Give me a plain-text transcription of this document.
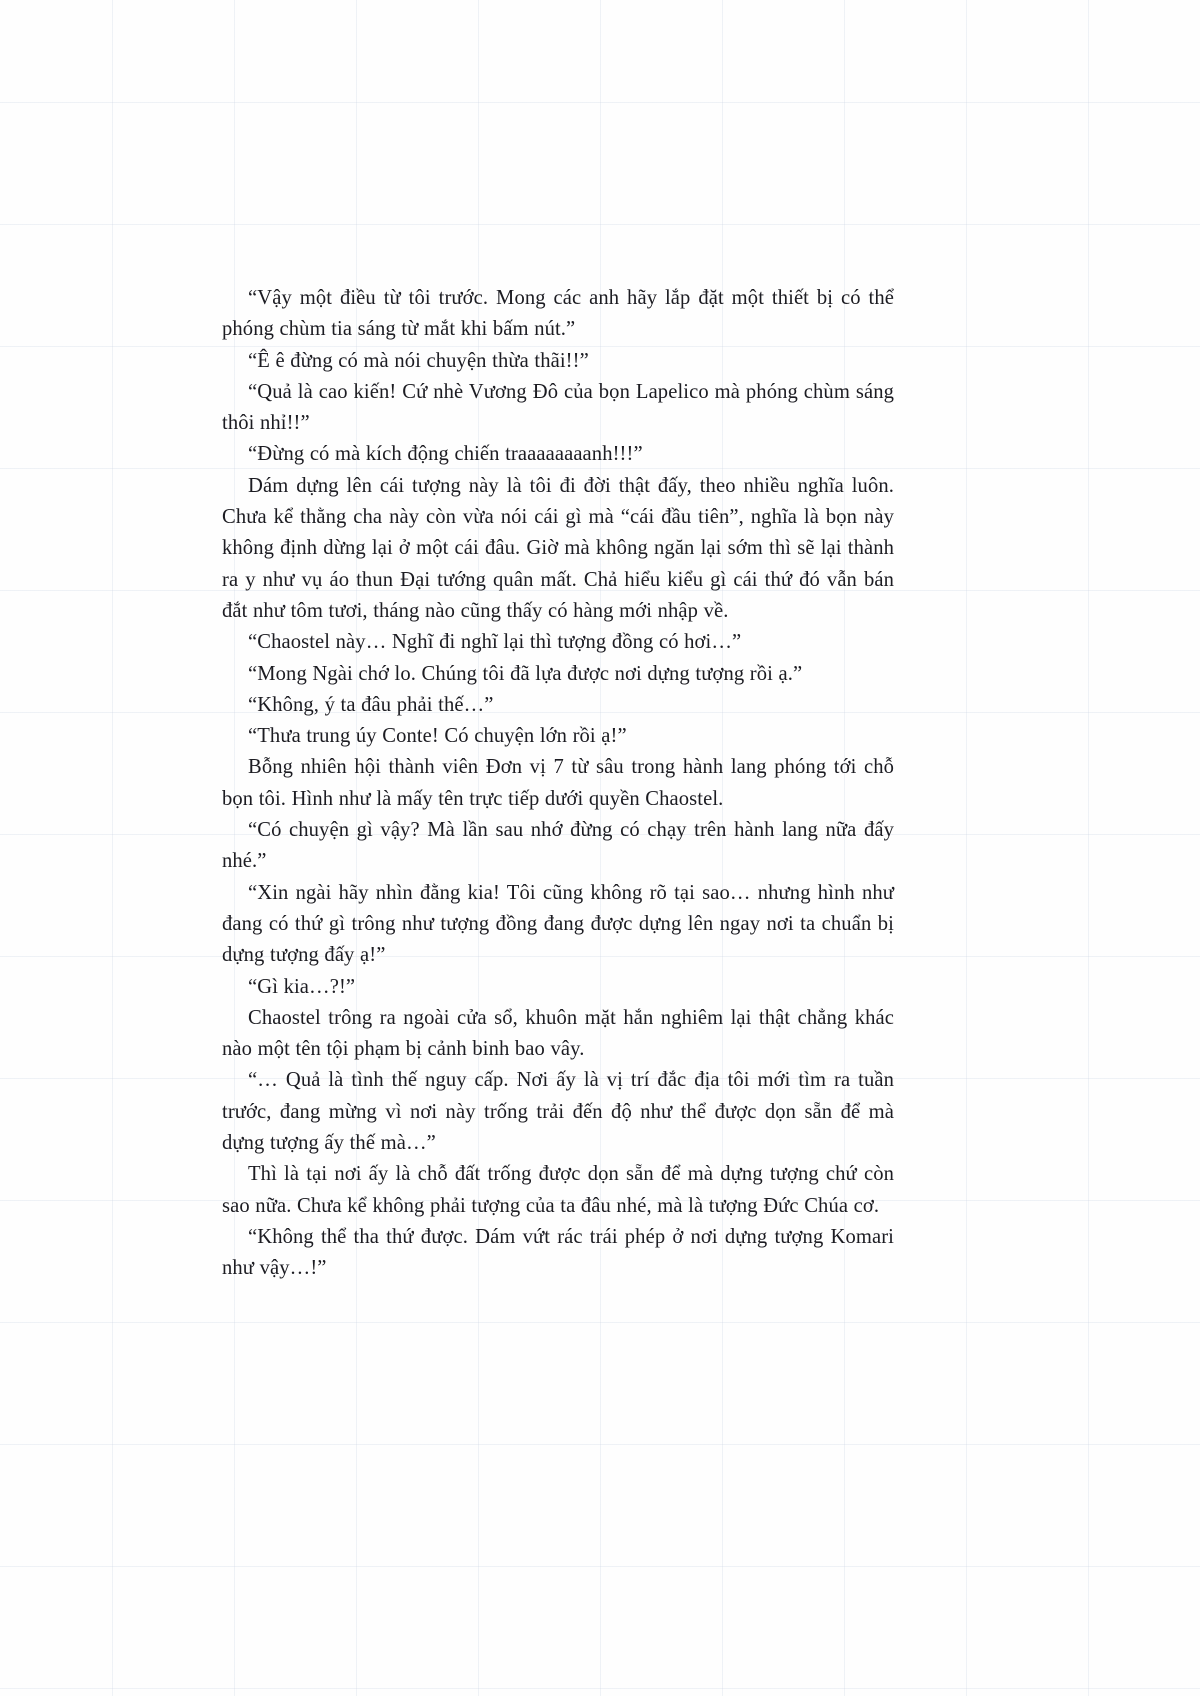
“Vậy một điều từ tôi trước. Mong các anh hãy lắp đặt một thiết bị có thể phóng chùm tia sáng từ mắt khi bấm nút.”

“Ê ê đừng có mà nói chuyện thừa thãi!!”

“Quả là cao kiến! Cứ nhè Vương Đô của bọn Lapelico mà phóng chùm sáng thôi nhỉ!!”

“Đừng có mà kích động chiến traaaaaaaanh!!!”

Dám dựng lên cái tượng này là tôi đi đời thật đấy, theo nhiều nghĩa luôn. Chưa kể thằng cha này còn vừa nói cái gì mà “cái đầu tiên”, nghĩa là bọn này không định dừng lại ở một cái đâu. Giờ mà không ngăn lại sớm thì sẽ lại thành ra y như vụ áo thun Đại tướng quân mất. Chả hiểu kiểu gì cái thứ đó vẫn bán đắt như tôm tươi, tháng nào cũng thấy có hàng mới nhập về.

“Chaostel này… Nghĩ đi nghĩ lại thì tượng đồng có hơi…”

“Mong Ngài chớ lo. Chúng tôi đã lựa được nơi dựng tượng rồi ạ.”

“Không, ý ta đâu phải thế…”

“Thưa trung úy Conte! Có chuyện lớn rồi ạ!”

Bỗng nhiên hội thành viên Đơn vị 7 từ sâu trong hành lang phóng tới chỗ bọn tôi. Hình như là mấy tên trực tiếp dưới quyền Chaostel.

“Có chuyện gì vậy? Mà lần sau nhớ đừng có chạy trên hành lang nữa đấy nhé.”

“Xin ngài hãy nhìn đằng kia! Tôi cũng không rõ tại sao… nhưng hình như đang có thứ gì trông như tượng đồng đang được dựng lên ngay nơi ta chuẩn bị dựng tượng đấy ạ!”

“Gì kia…?!”

Chaostel trông ra ngoài cửa sổ, khuôn mặt hắn nghiêm lại thật chẳng khác nào một tên tội phạm bị cảnh binh bao vây.

“… Quả là tình thế nguy cấp. Nơi ấy là vị trí đắc địa tôi mới tìm ra tuần trước, đang mừng vì nơi này trống trải đến độ như thể được dọn sẵn để mà dựng tượng ấy thế mà…”

Thì là tại nơi ấy là chỗ đất trống được dọn sẵn để mà dựng tượng chứ còn sao nữa. Chưa kể không phải tượng của ta đâu nhé, mà là tượng Đức Chúa cơ.

“Không thể tha thứ được. Dám vứt rác trái phép ở nơi dựng tượng Komari như vậy…!”
